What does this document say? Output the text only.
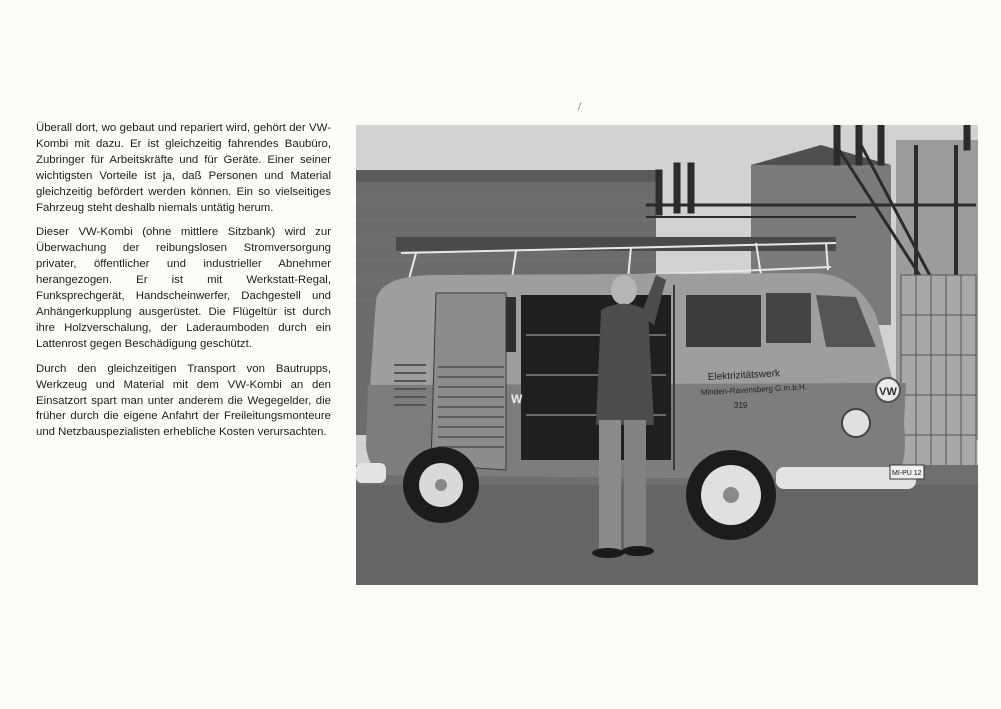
Überall dort, wo gebaut und repariert wird, gehört der VW-Kombi mit dazu. Er ist gleichzeitig fahrendes Baubüro, Zubringer für Arbeitskräfte und für Geräte. Einer seiner wichtigsten Vorteile ist ja, daß Personen und Material gleichzeitig befördert werden können. Ein so vielseitiges Fahrzeug steht deshalb niemals untätig herum.

Dieser VW-Kombi (ohne mittlere Sitzbank) wird zur Überwachung der reibungslosen Stromversorgung privater, öffentlicher und industrieller Abnehmer herangezogen. Er ist mit Werkstatt-Regal, Funksprechgerät, Handscheinwerfer, Dachgestell und Anhängerkupplung ausgerüstet. Die Flügeltür ist durch ihre Holzverschalung, der Laderaumboden durch ein Lattenrost gegen Beschädigung geschützt.

Durch den gleichzeitigen Transport von Bautrupps, Werkzeug und Material mit dem VW-Kombi an den Einsatzort spart man unter anderem die Wegegelder, die früher durch die eigene Anfahrt der Freileitungsmonteure und Netzbauspezialisten erhebliche Kosten verursachten.

VW
Elektrizitätswerk
Minden-Ravensberg G.m.b.H.
319
W
MI-PU 12
